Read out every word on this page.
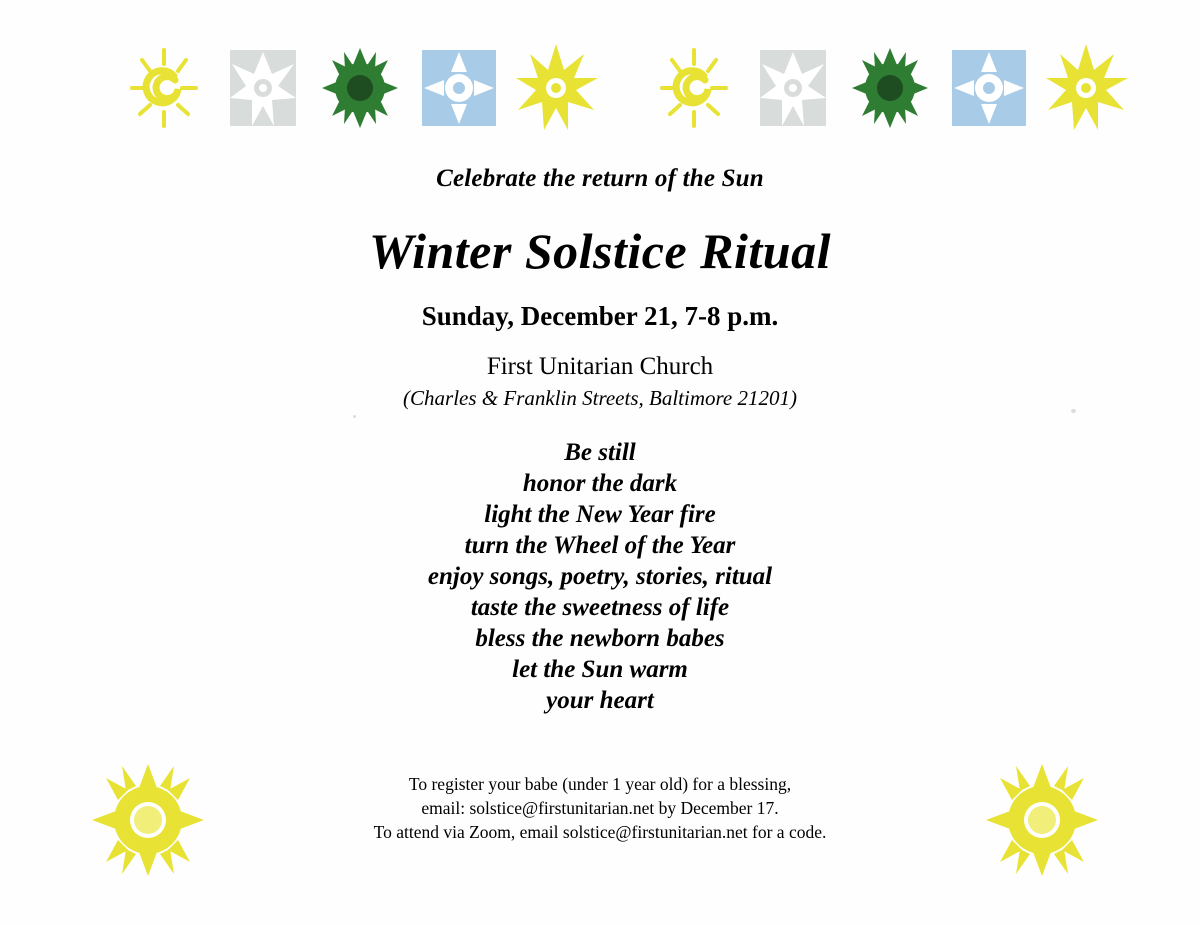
Celebrate the return of the Sun
Winter Solstice Ritual
Sunday, December 21, 7-8 p.m.
First Unitarian Church
(Charles & Franklin Streets, Baltimore 21201)
Be still
honor the dark
light the New Year fire
turn the Wheel of the Year
enjoy songs, poetry, stories, ritual
taste the sweetness of life
bless the newborn babes
let the Sun warm
your heart
To register your babe (under 1 year old) for a blessing,
email: solstice@firstunitarian.net by December 17.
To attend via Zoom, email solstice@firstunitarian.net for a code.
